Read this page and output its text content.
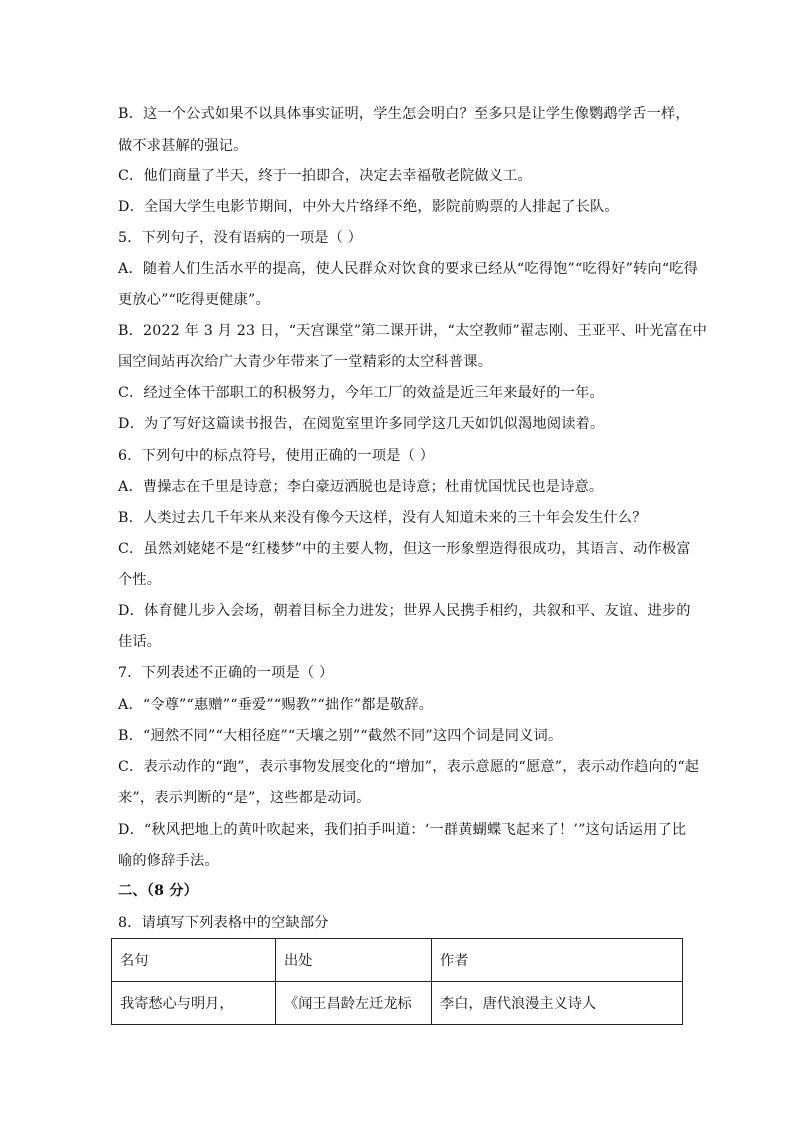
B．这一个公式如果不以具体事实证明，学生怎会明白？至多只是让学生像鹦鹉学舌一样，
做不求甚解的强记。
C．他们商量了半天，终于一拍即合，决定去幸福敬老院做义工。
D．全国大学生电影节期间，中外大片络绎不绝，影院前购票的人排起了长队。
5．下列句子，没有语病的一项是（ ）
A．随着人们生活水平的提高，使人民群众对饮食的要求已经从“吃得饱”“吃得好”转向“吃得
更放心”“吃得更健康”。
B．2022 年 3 月 23 日，“天宫课堂”第二课开讲，“太空教师”翟志刚、王亚平、叶光富在中
国空间站再次给广大青少年带来了一堂精彩的太空科普课。
C．经过全体干部职工的积极努力，今年工厂的效益是近三年来最好的一年。
D．为了写好这篇读书报告，在阅览室里许多同学这几天如饥似渴地阅读着。
6．下列句中的标点符号，使用正确的一项是（ ）
A．曹操志在千里是诗意；李白豪迈洒脱也是诗意；杜甫忧国忧民也是诗意。
B．人类过去几千年来从来没有像今天这样，没有人知道未来的三十年会发生什么？
C．虽然刘姥姥不是“红楼梦”中的主要人物，但这一形象塑造得很成功，其语言、动作极富
个性。
D．体育健儿步入会场，朝着目标全力进发；世界人民携手相约，共叙和平、友谊、进步的
佳话。
7．下列表述不正确的一项是（ ）
A．“令尊”“惠赠”“垂爱”“赐教”“拙作”都是敬辞。
B．“迥然不同”“大相径庭”“天壤之别”“截然不同”这四个词是同义词。
C．表示动作的“跑”，表示事物发展变化的“增加”，表示意愿的“愿意”，表示动作趋向的“起
来”，表示判断的“是”，这些都是动词。
D．“秋风把地上的黄叶吹起来，我们拍手叫道：‘一群黄蝴蝶飞起来了！’”这句话运用了比
喻的修辞手法。
二、（8 分）
8．请填写下列表格中的空缺部分
名句	出处	作者
我寄愁心与明月，	《闻王昌龄左迁龙标	李白，唐代浪漫主义诗人
